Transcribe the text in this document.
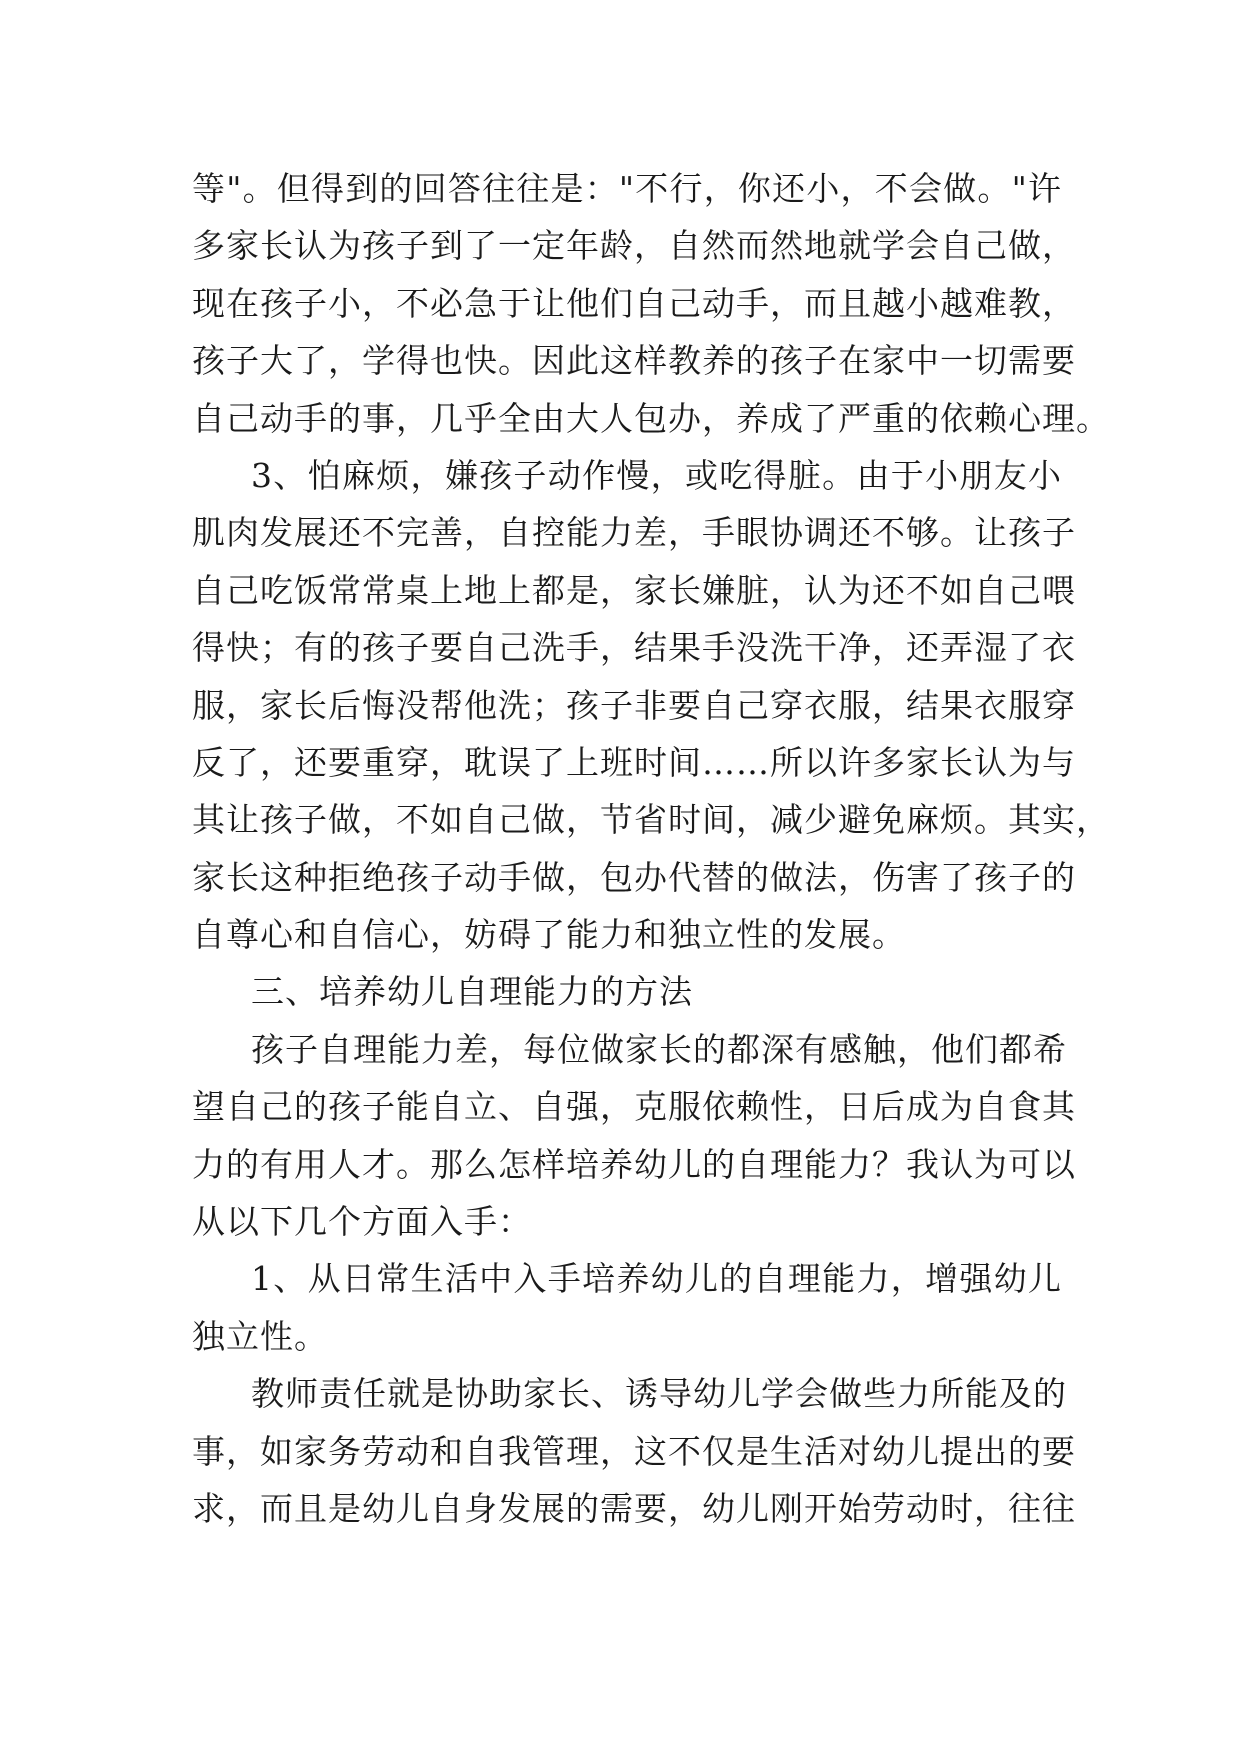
等"。但得到的回答往往是："不行，你还小，不会做。"许
多家长认为孩子到了一定年龄，自然而然地就学会自己做，
现在孩子小，不必急于让他们自己动手，而且越小越难教，
孩子大了，学得也快。因此这样教养的孩子在家中一切需要
自己动手的事，几乎全由大人包办，养成了严重的依赖心理。
3、怕麻烦，嫌孩子动作慢，或吃得脏。由于小朋友小
肌肉发展还不完善，自控能力差，手眼协调还不够。让孩子
自己吃饭常常桌上地上都是，家长嫌脏，认为还不如自己喂
得快；有的孩子要自己洗手，结果手没洗干净，还弄湿了衣
服，家长后悔没帮他洗；孩子非要自己穿衣服，结果衣服穿
反了，还要重穿，耽误了上班时间……所以许多家长认为与
其让孩子做，不如自己做，节省时间，减少避免麻烦。其实，
家长这种拒绝孩子动手做，包办代替的做法，伤害了孩子的
自尊心和自信心，妨碍了能力和独立性的发展。
三、培养幼儿自理能力的方法
孩子自理能力差，每位做家长的都深有感触，他们都希
望自己的孩子能自立、自强，克服依赖性，日后成为自食其
力的有用人才。那么怎样培养幼儿的自理能力？我认为可以
从以下几个方面入手：
1、从日常生活中入手培养幼儿的自理能力，增强幼儿
独立性。
教师责任就是协助家长、诱导幼儿学会做些力所能及的
事，如家务劳动和自我管理，这不仅是生活对幼儿提出的要
求，而且是幼儿自身发展的需要，幼儿刚开始劳动时，往往
